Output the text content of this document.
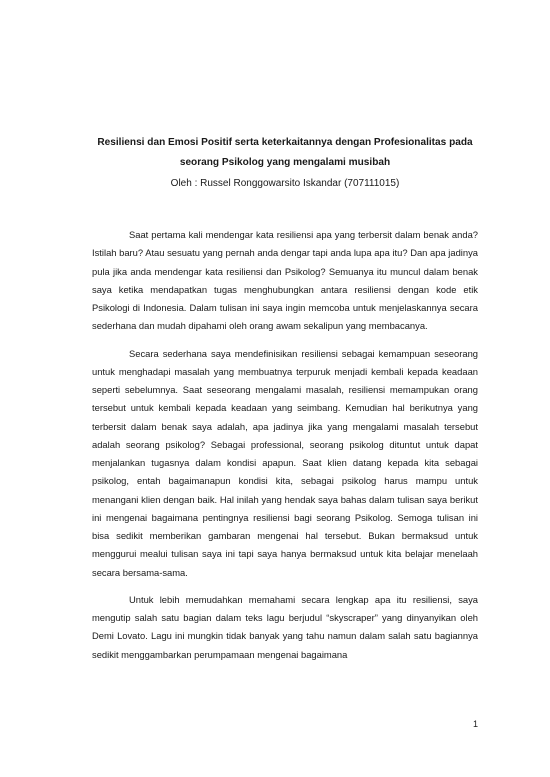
Resiliensi dan Emosi Positif serta keterkaitannya dengan Profesionalitas pada
seorang Psikolog yang mengalami musibah

Oleh : Russel Ronggowarsito Iskandar (707111015)

Saat pertama kali mendengar kata resiliensi apa yang terbersit dalam benak anda? Istilah baru? Atau sesuatu yang pernah anda dengar tapi anda lupa apa itu? Dan apa jadinya pula jika anda mendengar kata resiliensi dan Psikolog? Semuanya itu muncul dalam benak saya ketika mendapatkan tugas menghubungkan antara resiliensi dengan kode etik Psikologi di Indonesia. Dalam tulisan ini saya ingin memcoba untuk menjelaskannya secara sederhana dan mudah dipahami oleh orang awam sekalipun yang membacanya.

Secara sederhana saya mendefinisikan resiliensi sebagai kemampuan seseorang untuk menghadapi masalah yang membuatnya terpuruk menjadi kembali kepada keadaan seperti sebelumnya. Saat seseorang mengalami masalah, resiliensi memampukan orang tersebut untuk kembali kepada keadaan yang seimbang. Kemudian hal berikutnya yang terbersit dalam benak saya adalah, apa jadinya jika yang mengalami masalah tersebut adalah seorang psikolog? Sebagai professional, seorang psikolog dituntut untuk dapat menjalankan tugasnya dalam kondisi apapun. Saat klien datang kepada kita sebagai psikolog, entah bagaimanapun kondisi kita, sebagai psikolog harus mampu untuk menangani klien dengan baik. Hal inilah yang hendak saya bahas dalam tulisan saya berikut ini mengenai bagaimana pentingnya resiliensi bagi seorang Psikolog. Semoga tulisan ini bisa sedikit memberikan gambaran mengenai hal tersebut. Bukan bermaksud untuk menggurui mealui tulisan saya ini tapi saya hanya bermaksud untuk kita belajar menelaah secara bersama-sama.

Untuk lebih memudahkan memahami secara lengkap apa itu resiliensi, saya mengutip salah satu bagian dalam teks lagu berjudul “skyscraper” yang dinyanyikan oleh Demi Lovato. Lagu ini mungkin tidak banyak yang tahu namun dalam salah satu bagiannya sedikit menggambarkan perumpamaan mengenai bagaimana

1
